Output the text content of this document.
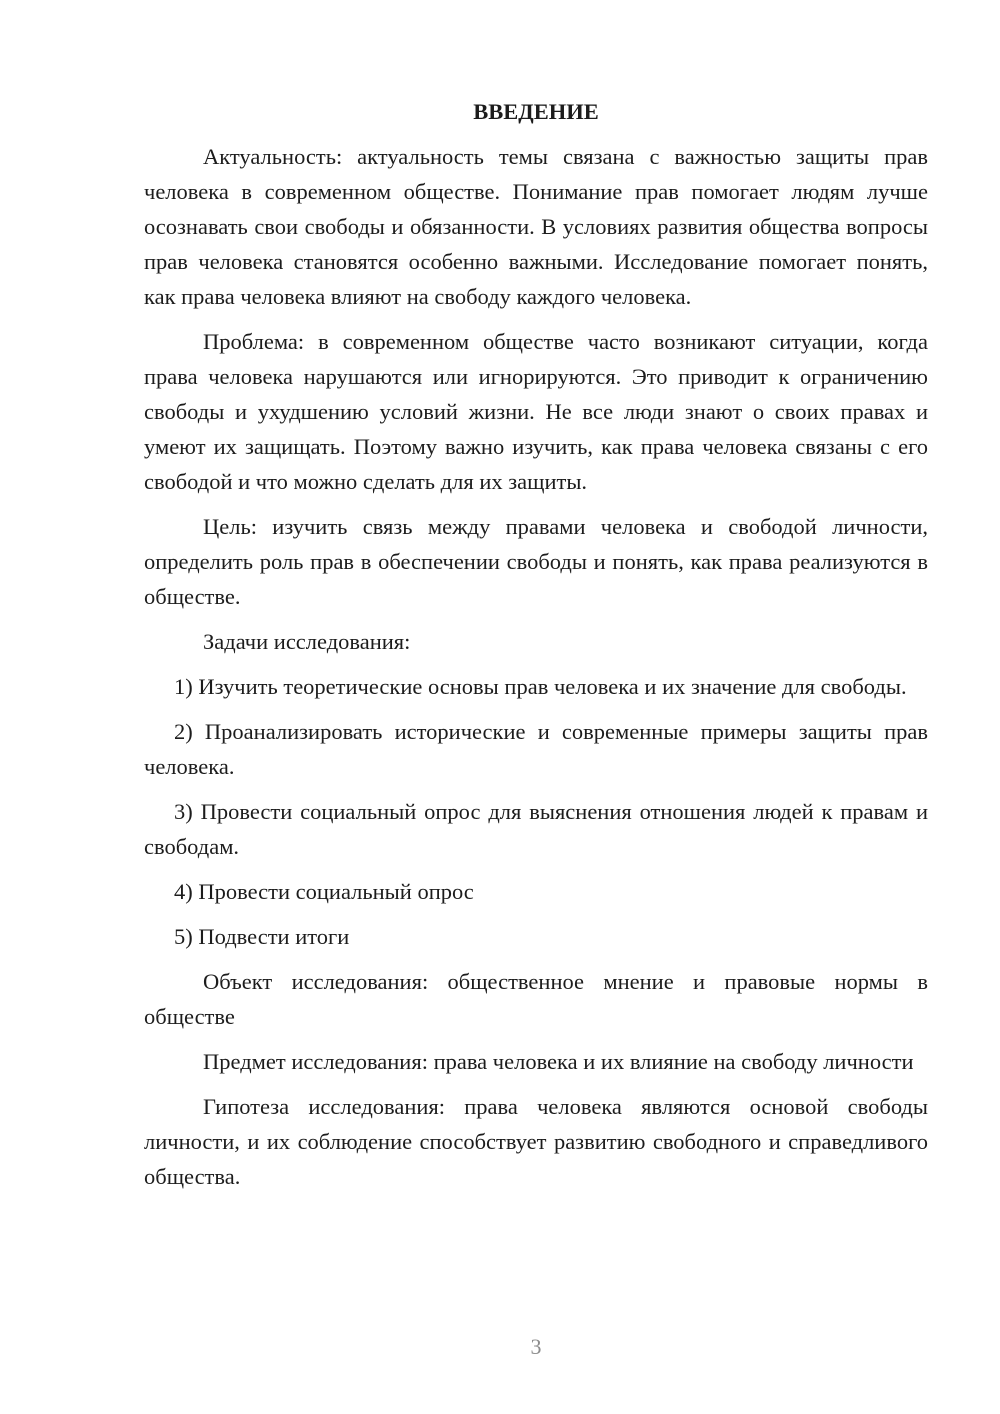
ВВЕДЕНИЕ
Актуальность: актуальность темы связана с важностью защиты прав человека в современном обществе. Понимание прав помогает людям лучше осознавать свои свободы и обязанности. В условиях развития общества вопросы прав человека становятся особенно важными. Исследование помогает понять, как права человека влияют на свободу каждого человека.
Проблема: в современном обществе часто возникают ситуации, когда права человека нарушаются или игнорируются. Это приводит к ограничению свободы и ухудшению условий жизни. Не все люди знают о своих правах и умеют их защищать. Поэтому важно изучить, как права человека связаны с его свободой и что можно сделать для их защиты.
Цель: изучить связь между правами человека и свободой личности, определить роль прав в обеспечении свободы и понять, как права реализуются в обществе.
Задачи исследования:
1) Изучить теоретические основы прав человека и их значение для свободы.
2) Проанализировать исторические и современные примеры защиты прав человека.
3) Провести социальный опрос для выяснения отношения людей к правам и свободам.
4) Провести социальный опрос
5) Подвести итоги
Объект исследования: общественное мнение и правовые нормы в обществе
Предмет исследования: права человека и их влияние на свободу личности
Гипотеза исследования: права человека являются основой свободы личности, и их соблюдение способствует развитию свободного и справедливого общества.
3
